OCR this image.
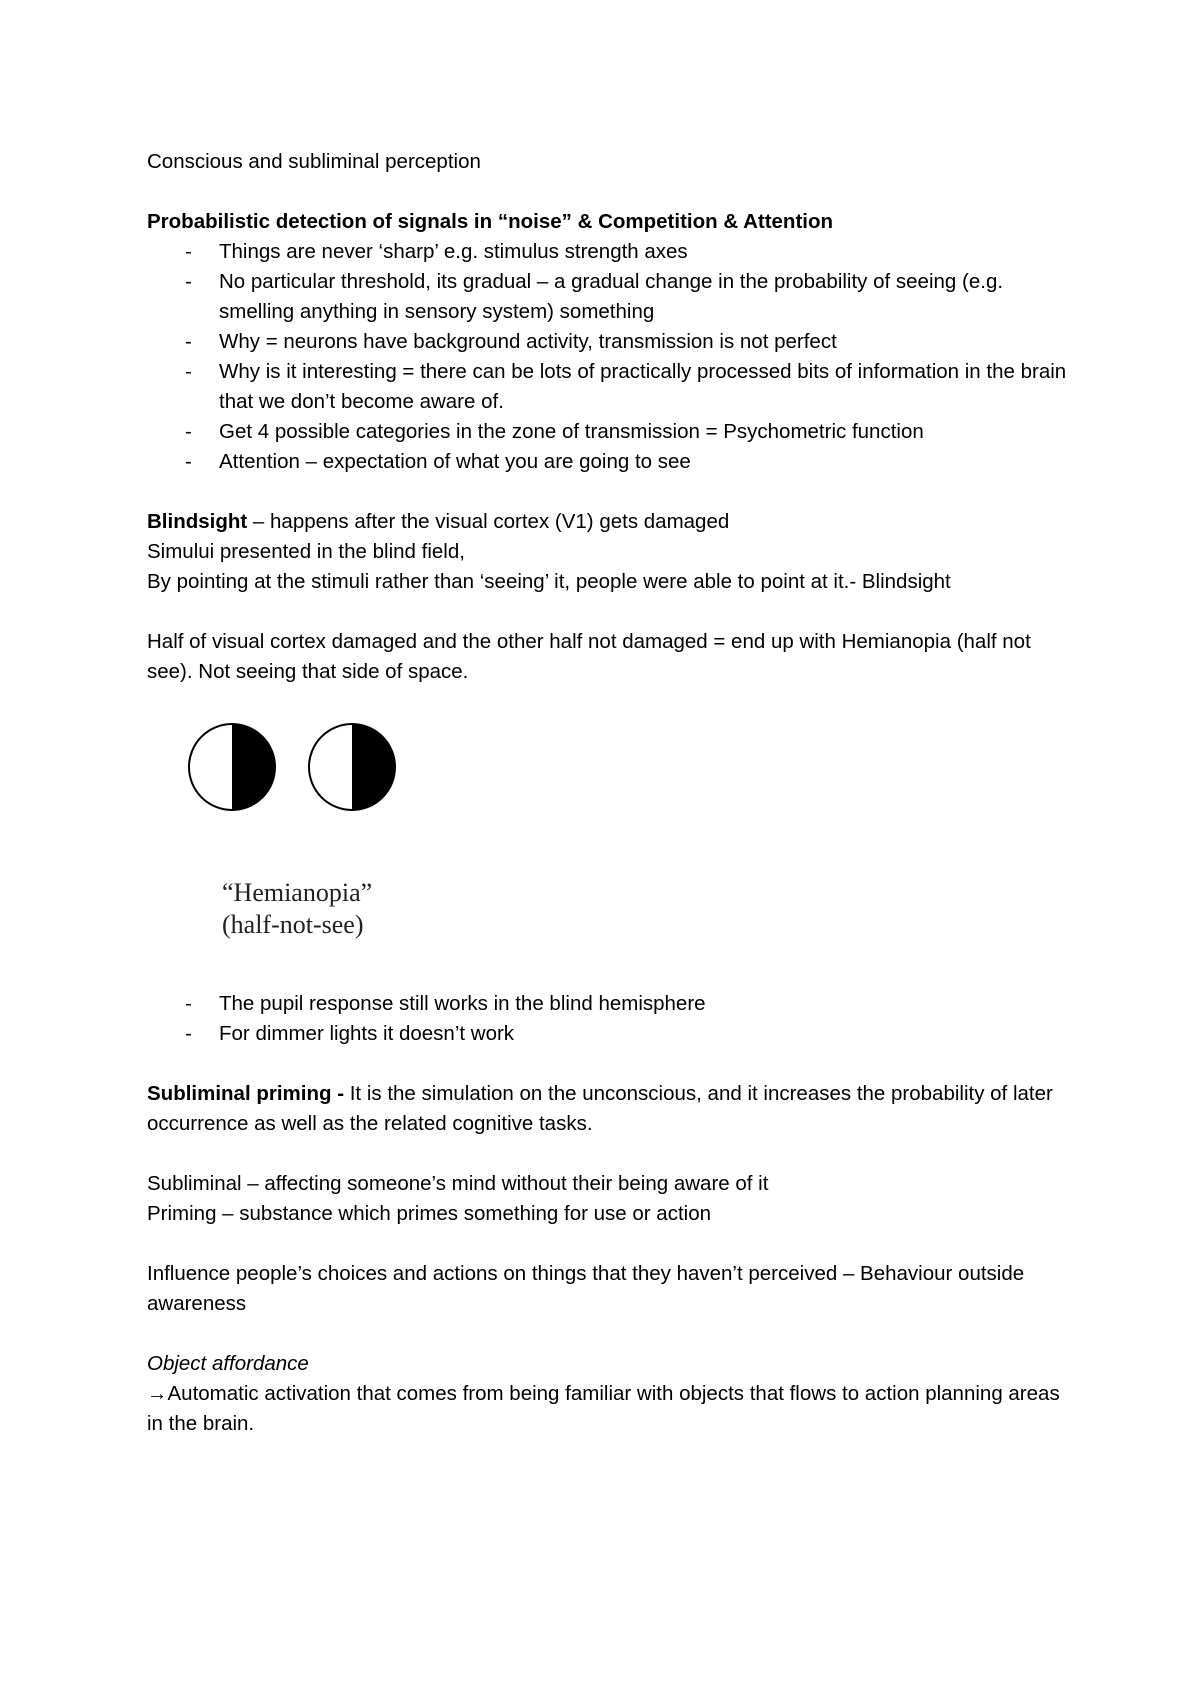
Conscious and subliminal perception

Probabilistic detection of signals in “noise” & Competition & Attention

- Things are never ‘sharp’ e.g. stimulus strength axes
- No particular threshold, its gradual – a gradual change in the probability of seeing (e.g. smelling anything in sensory system) something
- Why = neurons have background activity, transmission is not perfect
- Why is it interesting = there can be lots of practically processed bits of information in the brain that we don’t become aware of.
- Get 4 possible categories in the zone of transmission = Psychometric function
- Attention – expectation of what you are going to see

Blindsight – happens after the visual cortex (V1) gets damaged

Simului presented in the blind field,

By pointing at the stimuli rather than ‘seeing’ it, people were able to point at it.- Blindsight

Half of visual cortex damaged and the other half not damaged = end up with Hemianopia (half not see). Not seeing that side of space.

“Hemianopia”
(half-not-see)
- The pupil response still works in the blind hemisphere
- For dimmer lights it doesn’t work

Subliminal priming - It is the simulation on the unconscious, and it increases the probability of later occurrence as well as the related cognitive tasks.

Subliminal – affecting someone’s mind without their being aware of it

Priming – substance which primes something for use or action

Influence people’s choices and actions on things that they haven’t perceived – Behaviour outside awareness

Object affordance

→Automatic activation that comes from being familiar with objects that flows to action planning areas in the brain.
